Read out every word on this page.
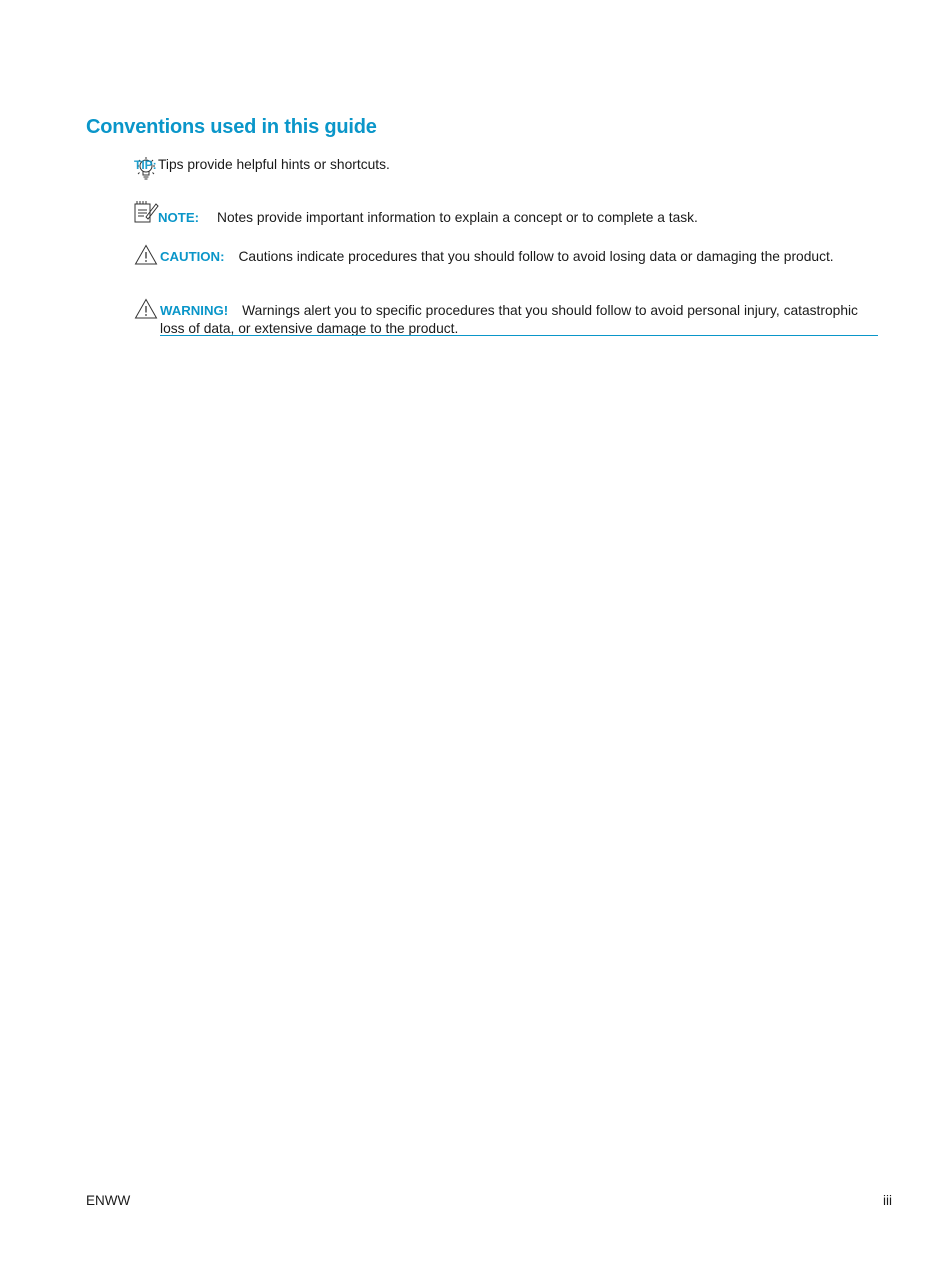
Conventions used in this guide
TIP: Tips provide helpful hints or shortcuts.
NOTE: Notes provide important information to explain a concept or to complete a task.
CAUTION: Cautions indicate procedures that you should follow to avoid losing data or damaging the product.
WARNING! Warnings alert you to specific procedures that you should follow to avoid personal injury, catastrophic loss of data, or extensive damage to the product.
ENWW	iii
